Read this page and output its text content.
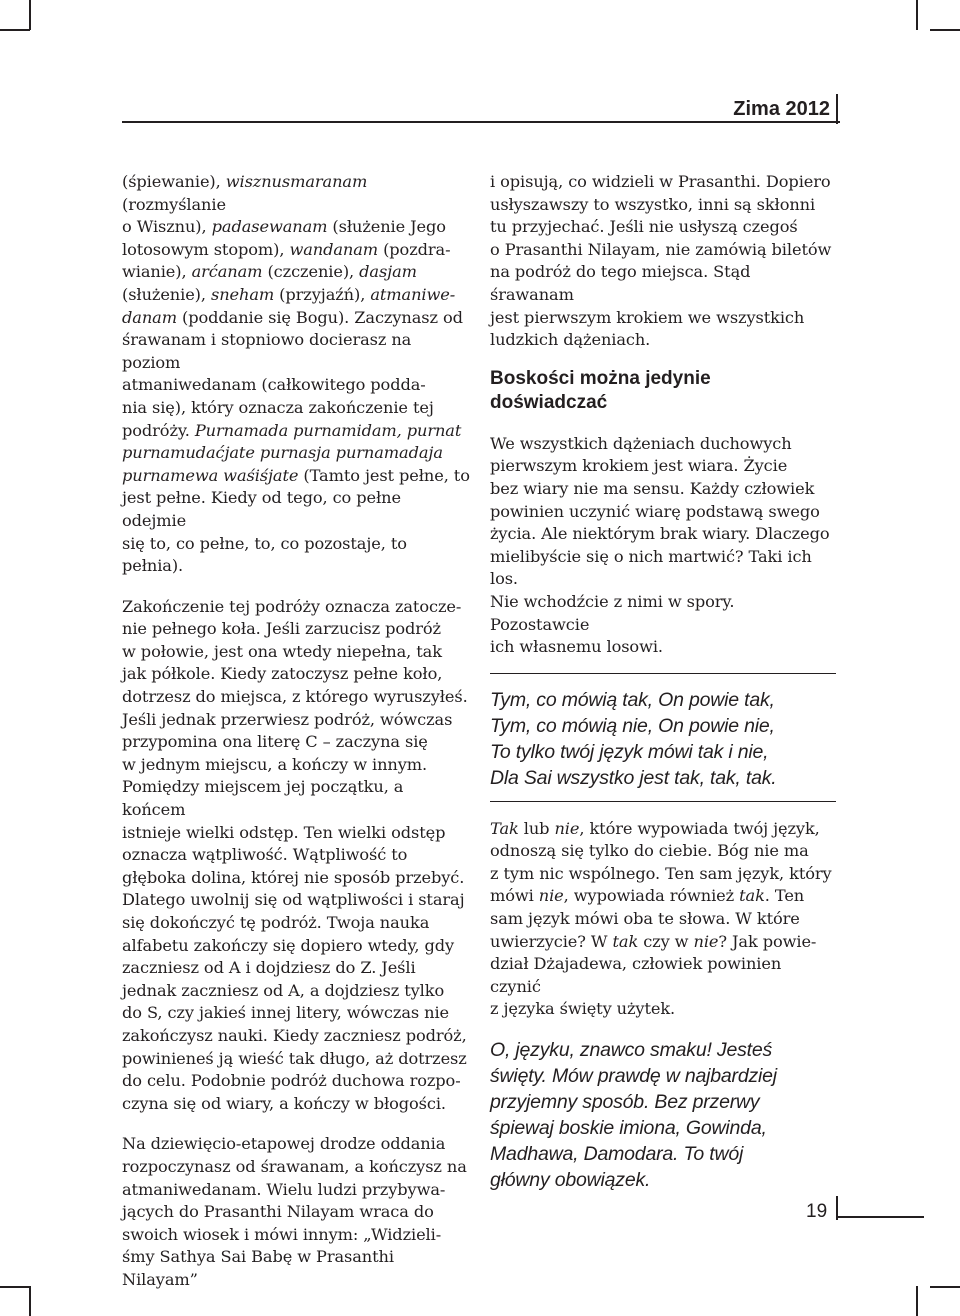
Zima 2012

(śpiewanie), wisznusmaranam (rozmyślanie
o Wisznu), padasewanam (służenie Jego
lotosowym stopom), wandanam (pozdra-
wianie), arćanam (czczenie), dasjam
(służenie), sneham (przyjaźń), atmaniwe-
danam (poddanie się Bogu). Zaczynasz od
śrawanam i stopniowo docierasz na poziom
atmaniwedanam (całkowitego podda-
nia się), który oznacza zakończenie tej
podróży. Purnamada purnamidam, purnat
purnamudaćjate purnasja purnamadaja
purnamewa waśiśjate (Tamto jest pełne, to
jest pełne. Kiedy od tego, co pełne odejmie
się to, co pełne, to, co pozostaje, to pełnia).

Zakończenie tej podróży oznacza zatocze-
nie pełnego koła. Jeśli zarzucisz podróż
w połowie, jest ona wtedy niepełna, tak
jak półkole. Kiedy zatoczysz pełne koło,
dotrzesz do miejsca, z którego wyruszyłeś.
Jeśli jednak przerwiesz podróż, wówczas
przypomina ona literę C – zaczyna się
w jednym miejscu, a kończy w innym.
Pomiędzy miejscem jej początku, a końcem
istnieje wielki odstęp. Ten wielki odstęp
oznacza wątpliwość. Wątpliwość to
głęboka dolina, której nie sposób przebyć.
Dlatego uwolnij się od wątpliwości i staraj
się dokończyć tę podróż. Twoja nauka
alfabetu zakończy się dopiero wtedy, gdy
zaczniesz od A i dojdziesz do Z. Jeśli
jednak zaczniesz od A, a dojdziesz tylko
do S, czy jakieś innej litery, wówczas nie
zakończysz nauki. Kiedy zaczniesz podróż,
powinieneś ją wieść tak długo, aż dotrzesz
do celu. Podobnie podróż duchowa rozpo-
czyna się od wiary, a kończy w błogości.

Na dziewięcio-etapowej drodze oddania
rozpoczynasz od śrawanam, a kończysz na
atmaniwedanam. Wielu ludzi przybywa-
jących do Prasanthi Nilayam wraca do
swoich wiosek i mówi innym: „Widzieli-
śmy Sathya Sai Babę w Prasanthi Nilayam”

i opisują, co widzieli w Prasanthi. Dopiero
usłyszawszy to wszystko, inni są skłonni
tu przyjechać. Jeśli nie usłyszą czegoś
o Prasanthi Nilayam, nie zamówią biletów
na podróż do tego miejsca. Stąd śrawanam
jest pierwszym krokiem we wszystkich
ludzkich dążeniach.

Boskości można jedynie
doświadczać

We wszystkich dążeniach duchowych
pierwszym krokiem jest wiara. Życie
bez wiary nie ma sensu. Każdy człowiek
powinien uczynić wiarę podstawą swego
życia. Ale niektórym brak wiary. Dlaczego
mielibyście się o nich martwić? Taki ich los.
Nie wchodźcie z nimi w spory. Pozostawcie
ich własnemu losowi.

Tym, co mówią tak, On powie tak,
Tym, co mówią nie, On powie nie,
To tylko twój język mówi tak i nie,
Dla Sai wszystko jest tak, tak, tak.

Tak lub nie, które wypowiada twój język,
odnoszą się tylko do ciebie. Bóg nie ma
z tym nic wspólnego. Ten sam język, który
mówi nie, wypowiada również tak. Ten
sam język mówi oba te słowa. W które
uwierzycie? W tak czy w nie? Jak powie-
dział Dżajadewa, człowiek powinien czynić
z języka święty użytek.

O, języku, znawco smaku! Jesteś
święty. Mów prawdę w najbardziej
przyjemny sposób. Bez przerwy
śpiewaj boskie imiona, Gowinda,
Madhawa, Damodara. To twój
główny obowiązek.

19
